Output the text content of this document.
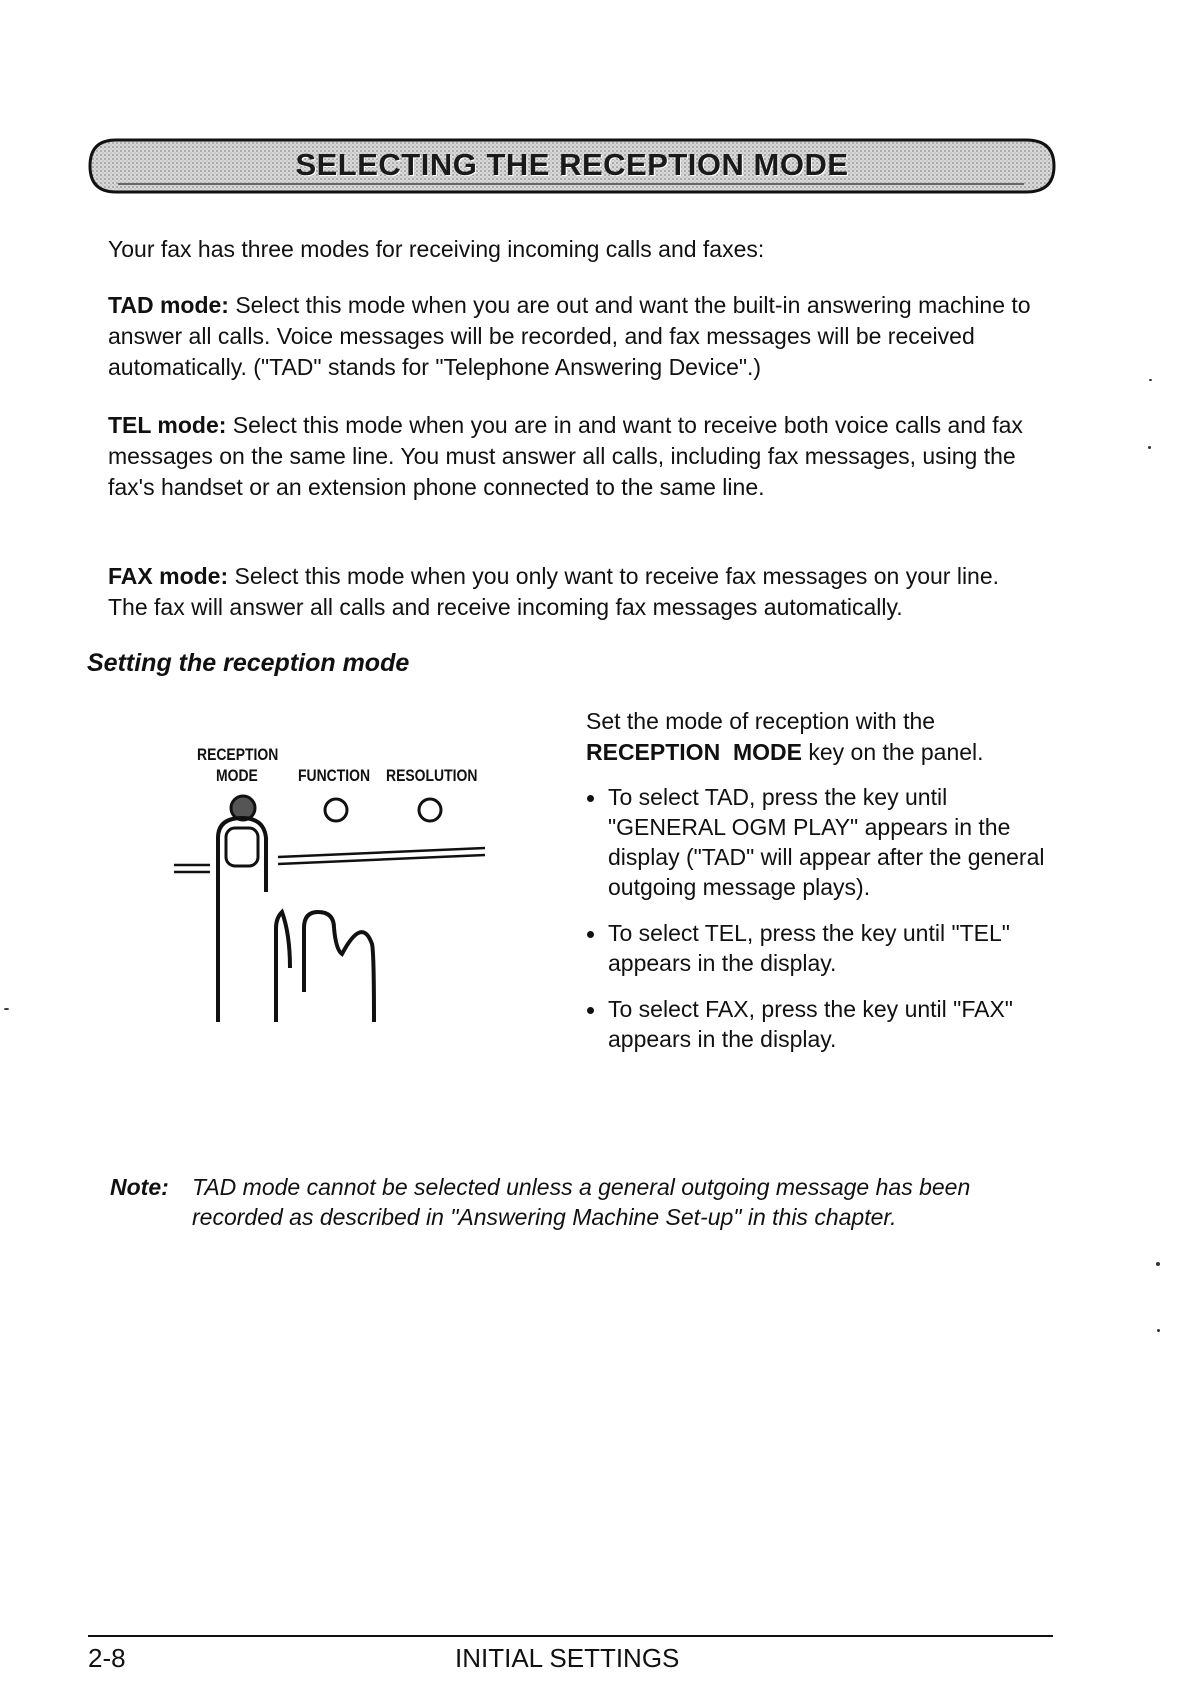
SELECTING THE RECEPTION MODE

Your fax has three modes for receiving incoming calls and faxes:

TAD mode: Select this mode when you are out and want the built-in answering machine to answer all calls. Voice messages will be recorded, and fax messages will be received automatically. ("TAD" stands for "Telephone Answering Device".)

TEL mode: Select this mode when you are in and want to receive both voice calls and fax messages on the same line. You must answer all calls, including fax messages, using the fax's handset or an extension phone connected to the same line.

FAX mode: Select this mode when you only want to receive fax messages on your line. The fax will answer all calls and receive incoming fax messages automatically.

Setting the reception mode
RECEPTION
MODE FUNCTION RESOLUTION

Set the mode of reception with the
RECEPTION  MODE key on the panel.

To select TAD, press the key until "GENERAL OGM PLAY" appears in the display ("TAD" will appear after the general outgoing message plays).
To select TEL, press the key until "TEL" appears in the display.
To select FAX, press the key until "FAX" appears in the display.
Note: TAD mode cannot be selected unless a general outgoing message has been recorded as described in "Answering Machine Set-up" in this chapter.
2-8	INITIAL SETTINGS
